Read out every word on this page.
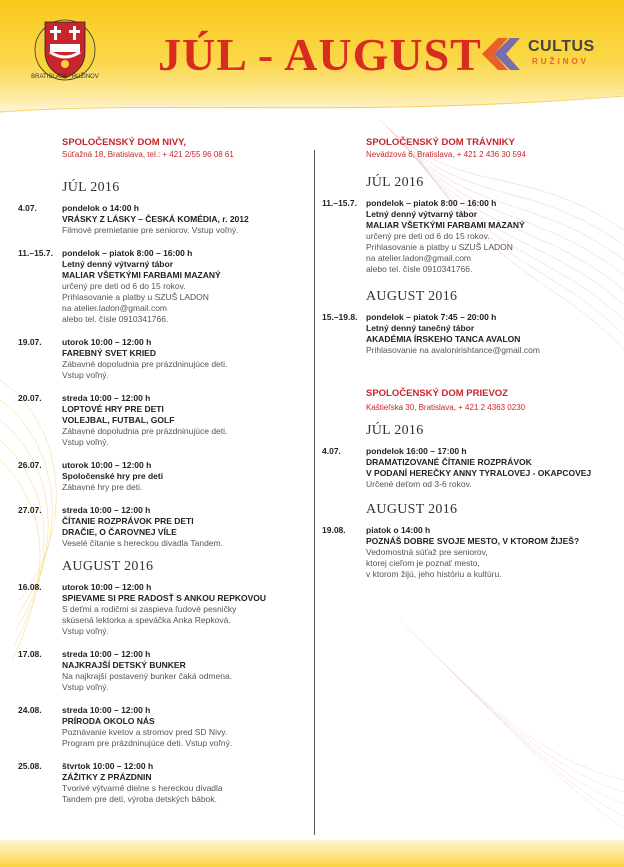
BRATISLAVA - RUŽINOV JÚL - AUGUST	CULTUS
RUŽINOV
SPOLOČENSKÝ DOM NIVY,
Súťažná 18, Bratislava, tel.: + 421 2/55 96 08 61
JÚL 2016
4.07.	pondelok o 14:00 h
VRÁSKY Z LÁSKY – ČESKÁ KOMÉDIA, r. 2012
Filmové premietanie pre seniorov. Vstup voľný.
11.–15.7. pondelok – piatok 8:00 – 16:00 h
Letný denný výtvarný tábor
MALIAR VŠETKÝMI FARBAMI MAZANÝ
určený pre deti od 6 do 15 rokov.
Prihlasovanie a platby u SZUŠ LADON
na atelier.ladon@gmail.com
alebo tel. čísle 0910341766.
19.07. utorok 10:00 – 12:00 h
FAREBNÝ SVET KRIED
Zábavné dopoludnia pre prázdninujúce deti.
Vstup voľný.
20.07. streda 10:00 – 12:00 h
LOPTOVÉ HRY PRE DETI
VOLEJBAL, FUTBAL, GOLF
Zábavné dopoludnia pre prázdninujúce deti.
Vstup voľný.
26.07. utorok 10:00 – 12:00 h
Spoločenské hry pre deti
Zábavné hry pre deti.
27.07. streda 10:00 – 12:00 h
ČÍTANIE ROZPRÁVOK PRE DETI
DRAČIE, O ČAROVNEJ VÍLE
Veselé čítanie s hereckou divadla Tandem.
AUGUST 2016
16.08. utorok 10:00 – 12:00 h
SPIEVAME SI PRE RADOSŤ S ANKOU REPKOVOU
S deťmi a rodičmi si zaspieva ľudové pesničky
skúsená lektorka a speváčka Anka Repková.
Vstup voľný.
17.08. streda 10:00 – 12:00 h
NAJKRAJŠÍ DETSKÝ BUNKER
Na najkrajší postavený bunker čaká odmena.
Vstup voľný.
24.08. streda 10:00 – 12:00 h
PRÍRODA OKOLO NÁS
Poznávanie kvetov a stromov pred SD Nivy.
Program pre prázdninujúce deti. Vstup voľný.
25.08. štvrtok 10:00 – 12:00 h
ZÁŽITKY Z PRÁZDNIN
Tvorivé výtvarné dielne s hereckou divadla
Tandem pre deti, výroba detských bábok.
SPOLOČENSKÝ DOM TRÁVNIKY
Nevädzová 6, Bratislava, + 421 2 436 30 594
JÚL 2016
11.–15.7. pondelok – piatok 8:00 – 16:00 h
Letný denný výtvarný tábor
MALIAR VŠETKÝMI FARBAMI MAZANÝ
určený pre deti od 6 do 15 rokov.
Prihlasovanie a platby u SZUŠ LADON
na atelier.ladon@gmail.com
alebo tel. čísle 0910341766.
AUGUST 2016
15.–19.8. pondelok – piatok 7:45 – 20:00 h
Letný denný tanečný tábor
AKADÉMIA ÍRSKEHO TANCA AVALON
Prihlasovanie na avalonirishtance@gmail.com
SPOLOČENSKÝ DOM PRIEVOZ
Kaštieľska 30, Bratislava, + 421 2 4363 0230
JÚL 2016
4.07.	pondelok 16:00 – 17:00 h
DRAMATIZOVANÉ ČÍTANIE ROZPRÁVOK
V PODANÍ HEREČKY ANNY TYRALOVEJ - OKAPCOVEJ
Určené deťom od 3-6 rokov.
AUGUST 2016
19.08. piatok o 14:00 h
POZNÁŠ DOBRE SVOJE MESTO, V KTOROM ŽIJEŠ?
Vedomostná súťaž pre seniorov,
ktorej cieľom je poznať mesto,
v ktorom žijú, jeho históriu a kultúru.
